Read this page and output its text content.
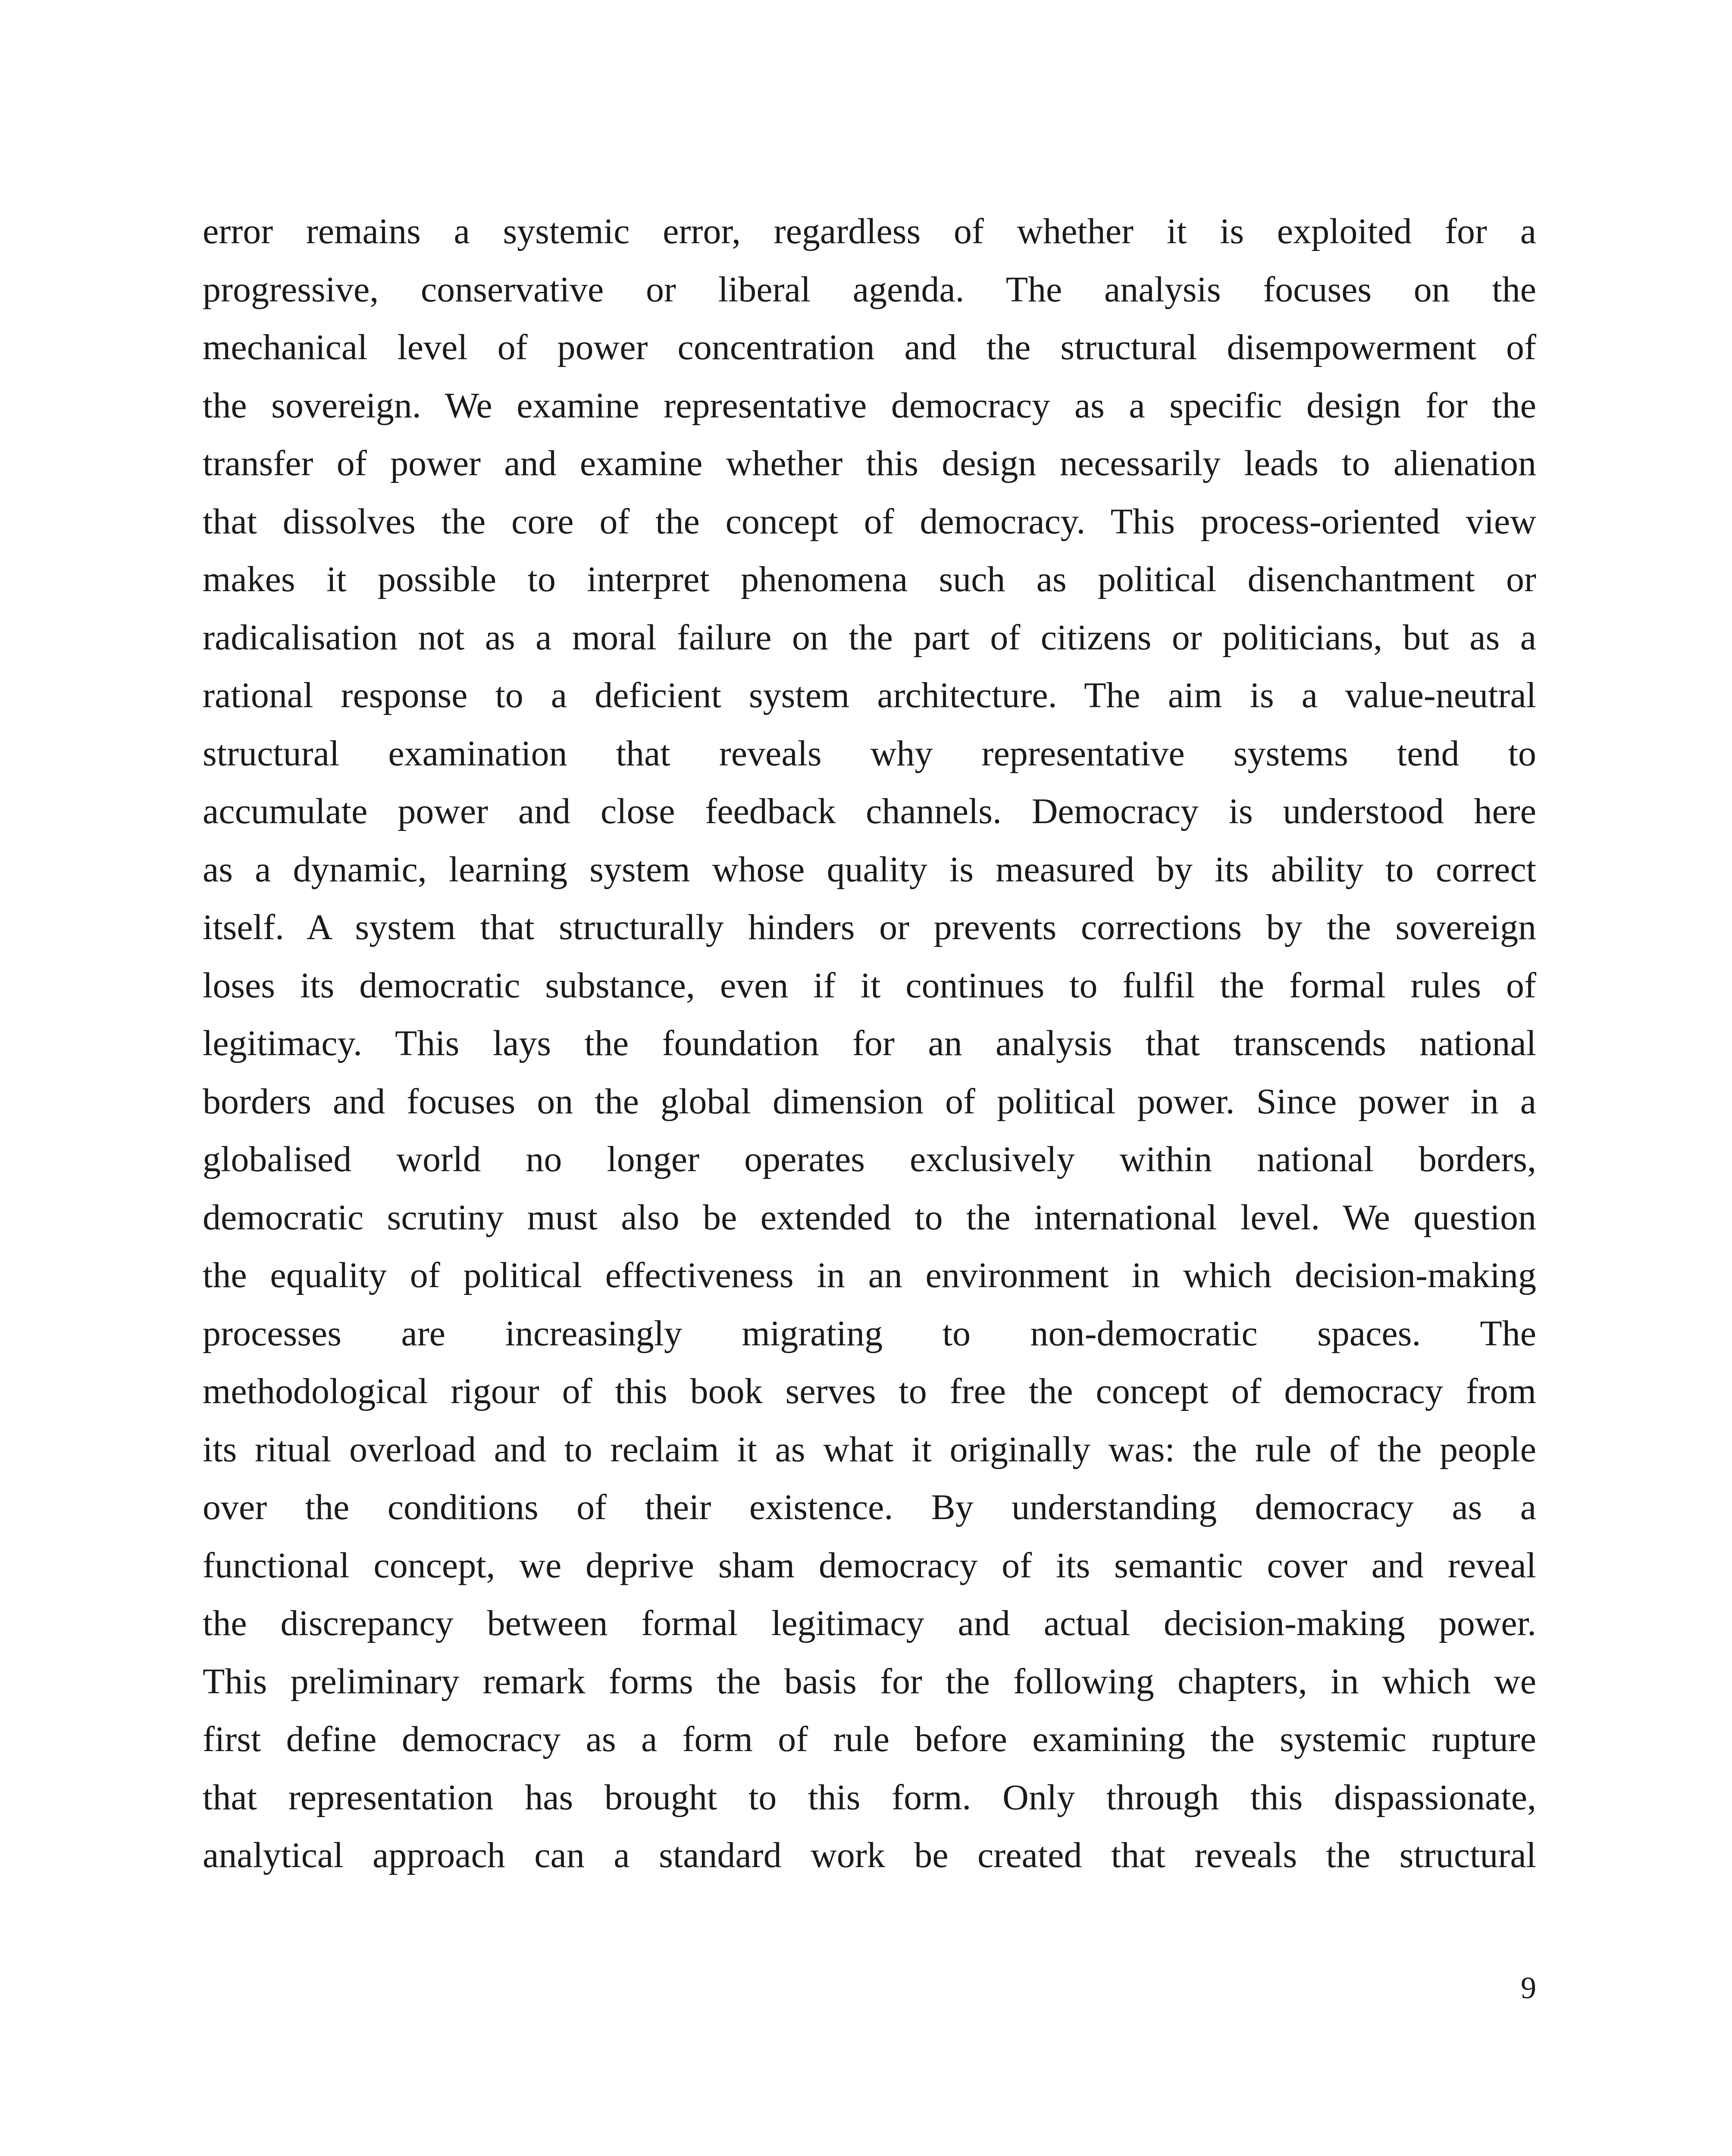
error remains a systemic error, regardless of whether it is exploited for a
progressive, conservative or liberal agenda. The analysis focuses on the
mechanical level of power concentration and the structural disempowerment of
the sovereign. We examine representative democracy as a specific design for the
transfer of power and examine whether this design necessarily leads to alienation
that dissolves the core of the concept of democracy. This process-oriented view
makes it possible to interpret phenomena such as political disenchantment or
radicalisation not as a moral failure on the part of citizens or politicians, but as a
rational response to a deficient system architecture. The aim is a value-neutral
structural examination that reveals why representative systems tend to
accumulate power and close feedback channels. Democracy is understood here
as a dynamic, learning system whose quality is measured by its ability to correct
itself. A system that structurally hinders or prevents corrections by the sovereign
loses its democratic substance, even if it continues to fulfil the formal rules of
legitimacy. This lays the foundation for an analysis that transcends national
borders and focuses on the global dimension of political power. Since power in a
globalised world no longer operates exclusively within national borders,
democratic scrutiny must also be extended to the international level. We question
the equality of political effectiveness in an environment in which decision-making
processes are increasingly migrating to non-democratic spaces. The
methodological rigour of this book serves to free the concept of democracy from
its ritual overload and to reclaim it as what it originally was: the rule of the people
over the conditions of their existence. By understanding democracy as a
functional concept, we deprive sham democracy of its semantic cover and reveal
the discrepancy between formal legitimacy and actual decision-making power.
This preliminary remark forms the basis for the following chapters, in which we
first define democracy as a form of rule before examining the systemic rupture
that representation has brought to this form. Only through this dispassionate,
analytical approach can a standard work be created that reveals the structural
9
